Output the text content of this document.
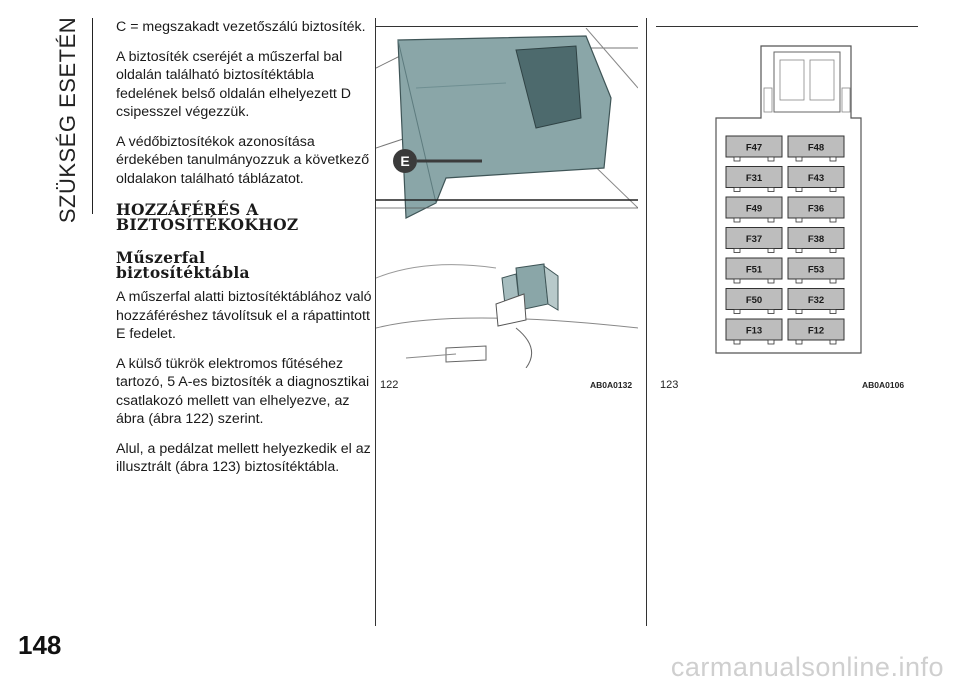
SZÜKSÉG ESETÉN
148

C = megszakadt vezetőszálú biztosíték.

A biztosíték cseréjét a műszerfal bal oldalán található biztosítéktábla fedelének belső oldalán elhelyezett D csipesszel végezzük.

A védőbiztosítékok azonosítása érdekében tanulmányozzuk a következő oldalakon található táblázatot.

HOZZÁFÉRÉS A
BIZTOSÍTÉKOKHOZ
Műszerfal
biztosítéktábla

A műszerfal alatti biztosítéktáblához való hozzáféréshez távolítsuk el a rápattintott E fedelet.

A külső tükrök elektromos fűtéséhez tartozó, 5 A-es biztosíték a diagnosztikai csatlakozó mellett van elhelyezve, az ábra (ábra 122) szerint.

Alul, a pedálzat mellett helyezkedik el az illusztrált (ábra 123) biztosítéktábla.

E
122	AB0A0132
F47
F31
F49
F37
F51
F50
F13
F48
F43
F36
F38
F53
F32
F12
123	AB0A0106
carmanualsonline.info
